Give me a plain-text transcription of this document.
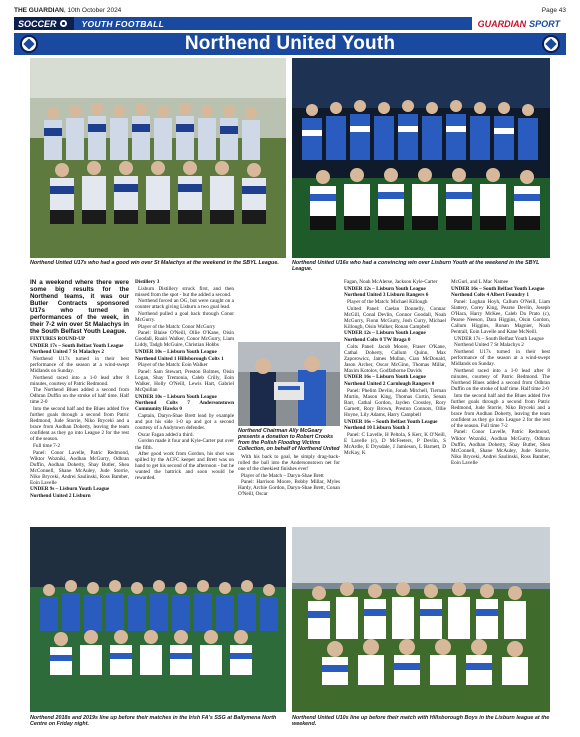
THE GUARDIAN, 10th October 2024	Page 43
SOCCER	YOUTH FOOTBALL	GUARDIAN SPORT
Northend United Youth
Northend United U17s who had a good win over St Malachys at the weekend in the SBYL League.	Northend United U16s who had a convincing win over Lisburn Youth at the weekend in the SBYL League.

IN a weekend where there were some big results for the Northend teams, it was our Butler Contracts sponsored U17s who turned in performances of the week, in their 7-2 win over St Malachys in the South Belfast Youth League.

FIXTURES ROUND-UP

UNDER 17s – South Belfast Youth League

Northend United 7 St Malachys 2

Northend U17s turned in their best performance of the season at a wind-swept Midlands on Sunday.

Northend raced into a 1-0 lead after 8 minutes, courtesy of Patric Redmond.

The Northend Blues added a second from Odhran Duffin on the stroke of half time. Half time 2-0

Into the second half and the Blues added five further goals through a second from Patric Redmond, Jude Storrie, Niko Bryceki and a brace from Aodhan Doherty, leaving the team confident as they go into League 2 for the rest of the season.

Full time 7-2

Panel: Conor Lavelle, Patric Redmond, Wiktor Wozniki, Aodhan McGurry, Odhran Duffin, Aodhan Doherty, Shay Butler, Shea McConnell, Shane McAuley, Jude Storrie, Niko Bryceki, Andrei Saulinski, Ross Bamber, Eoin Lavelle

UNDER 9s – Lisburn Youth League

Northend United 2 Lisburn

Distillery 3

Lisburn Distillery struck first, and then missed from the spot - but the added a second.

Northend forced an OG, but were caught on a counter attack giving Lisburn a two goal lead.

Northend pulled a goal back through Conor McGurry.

Player of the Match: Conor McGurry

Panel: Blaise O'Neill, Ollie O'Kane, Oisin Goodall, Ruairi Walker, Conor McGurry, Liam Liddy, Tadgh McGuire, Christian Hobbs

UNDER 10s – Lisburn Youth League

Northend United 1 Hillsborough Colts 1

Player of the Match: Eoin Walker

Panel: Sam Stewart, Preston Bolmes, Oisin Logan, Shay Tremonia, Caleb Crilly, Eoin Walker, Holly O'Neill, Lewis Hart, Gabriel McQuillan

UNDER 10s – Lisburn Youth League

Northend Colts 7 Andersonstown Community Hawks 0

Captain, Daryn-Shae Brett lead by example and put his side 1-0 up and got a second courtesy of a Andytown defender.

Oscar Fagan added a third.

Gordon made it four and Kyle-Carter put over the fifth.

After good work from Gordon, his shot was spilled by the ACFC keeper and Brett was on hand to get his second of the afternoon - but he wanted the hattrick and soon would be rewarded.

Northend Chairman Ally McGeary presents a donation to Robert Crooks from the Polish Flooding Victims Collection, on behalf of Northend United

With his back to goal, he simply drag-back-rolled the ball into the Andersonstown net for one of the cheekiest finishes ever!

Player of the Match – Daryn-Shae Brett

Panel: Harrison Moore, Bobby Millar, Myles Hardy, Archie Gordon, Daryn-Shae Brett, Conan O'Neill, Oscar

Fagan, Noah McAlerse, Jackson Kyle-Carter

UNDER 12s – Lisburn Youth League

Northend United 3 Lisburn Rangers 6

Player of the Match: Michael Killough

United Panel: Caelan Donnelly, Connac McGill, Conal Devlin, Connor Goodall, Noah McGurry, Fionn McGurry, Josh Curry, Michael Killough, Oisin Walker, Ronan Campbell

UNDER 12s – Lisburn Youth League

Northend Colts 0 TW Braga 0

Colts Panel: Jacob Moore, Fraser O'Kane, Cathal Doherty, Callum Quinn, Max Zaporowicz, James Mullan, Cian McDonald, Jason Archer, Oscar McGinn, Thomas Millar, Maxim Kotolov, Godfathorne Davids

UNDER 16s – Lisburn Youth League

Northend United 2 Carnlough Rangers 0

Panel: Phelim Devlin, Jonah Mitchell, Tiernan Murtin, Mason King, Thomas Curtin, Senan Barr, Cathal Gordon, Jayden Crossley, Rory Garnett, Rory Brown, Preston Connors, Ollie Hoyne, Lily Adams, Harry Campbell

UNDER 16s – South Belfast Youth League

Northend 10 Lisburn Youth 3

Panel: C Lavelle, H Peltola, S Kerr, K O'Neill, E Lavelle (c), D McFeeters, P Devlin, S McArdle, E Drysdale, J Jamieson, L Barnett, D McKay, K

McGurl, and L Mac Namee

UNDER 16s – South Belfast Youth League

Northend Colts 4 Albert Foundry 1

Panel: Loghan Hoyh, Callum O'Neill, Liam Slattery, Corey King, Pearse Devlin, Joseph O'Hara, Harry McKee, Caleb Da Prato (c), Pearse Neeson, Dara Higgins, Oisin Gordon, Callum Higgins, Ronan Magnier, Noah Pentrall, Eoin Lavelle and Kane McNeill.

UNDER 17s – South Belfast Youth League

Northend United 7 St Malachys 2

Northend U17s turned in their best performance of the season at a wind-swept Midlands on Sunday.

Northend raced into a 1-0 lead after 8 minutes, courtesy of Patric Redmond. The Northend Blues added a second from Odhran Duffin on the stroke of half time. Half time 2-0

Into the second half and the Blues added five further goals through a second from Patric Redmond, Jude Storrie, Niko Bryceki and a brace from Aodhan Doherty, leaving the team confident as they go into League 2 for the rest of the season. Full time 7-2

Panel: Conor Lavelle, Patric Redmond, Wiktor Wozniki, Aodhan McGurry, Odhran Duffin, Aodhan Doherty, Shay Butler, Shea McConnell, Shane McAuley, Jude Storrie, Niko Bryceki, Andrei Saulinski, Ross Bamber, Eoin Lavelle

Northend 2018s and 2019s line up before their matches in the Irish FA's SSG at Ballymena North Centre on Friday night.
Northend United U10s line up before their match with Hillsborough Boys in the Lisburn league at the weekend.
